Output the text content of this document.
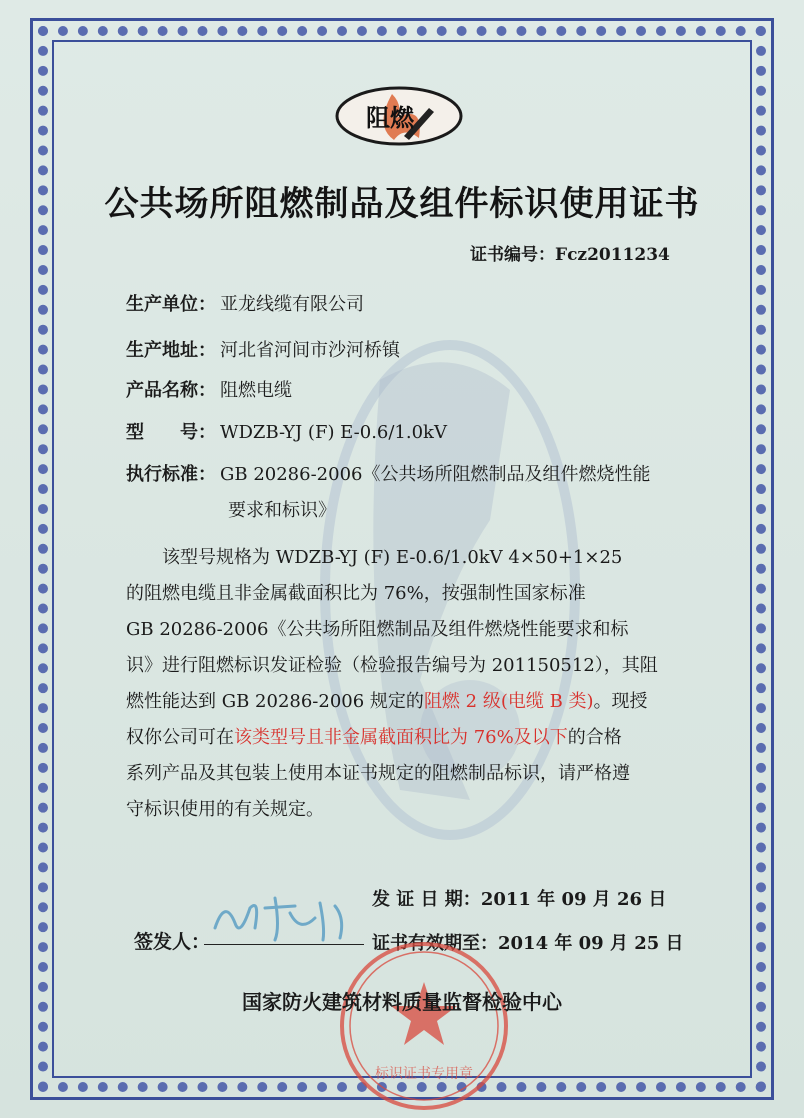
阻燃
公共场所阻燃制品及组件标识使用证书
证书编号：Fcz2011234
生产单位： 亚龙线缆有限公司
生产地址： 河北省河间市沙河桥镇
产品名称： 阻燃电缆
型　　号： WDZB-YJ (F) E-0.6/1.0kV
执行标准： GB 20286-2006《公共场所阻燃制品及组件燃烧性能
要求和标识》
该型号规格为 WDZB-YJ (F) E-0.6/1.0kV 4×50+1×25
的阻燃电缆且非金属截面积比为 76%，按强制性国家标准
GB 20286-2006《公共场所阻燃制品及组件燃烧性能要求和标
识》进行阻燃标识发证检验（检验报告编号为 201150512），其阻
燃性能达到 GB 20286-2006 规定的阻燃 2 级(电缆 B 类)。现授
权你公司可在该类型号且非金属截面积比为 76%及以下的合格
系列产品及其包装上使用本证书规定的阻燃制品标识，请严格遵
守标识使用的有关规定。
发 证 日 期：2011 年 09 月 26 日
证书有效期至：2014 年 09 月 25 日
签发人：
标识证书专用章
国家防火建筑材料质量监督检验中心
